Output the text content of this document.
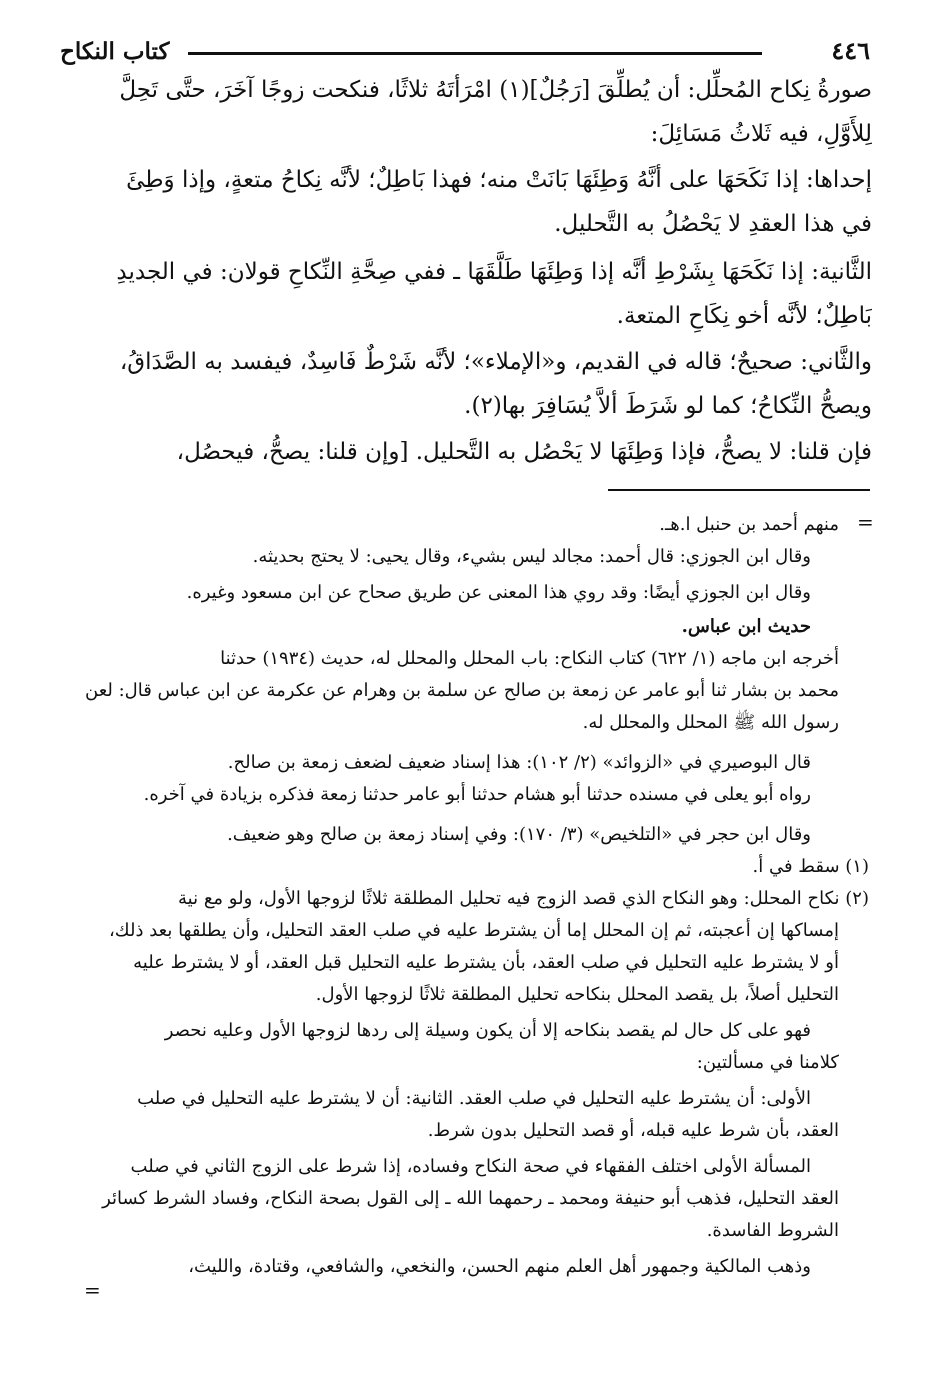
كتاب النكاح	٤٤٦
صورةُ نِكاح المُحلِّل: أن يُطلِّقَ [رَجُلٌ](١) امْرَأتَهُ ثلاثًا، فنكحت زوجًا آخَرَ، حتَّى تَحِلَّ
لِلأَوَّلِ، فيه ثَلاثُ مَسَائِلَ:
إحداها: إذا نَكَحَهَا على أنَّهُ وَطِئَهَا بَانَتْ منه؛ فهذا بَاطِلٌ؛ لأنَّه نِكاحُ متعةٍ، وإذا وَطِئَ
في هذا العقدِ لا يَحْصُلُ به التَّحليل.
الثَّانية: إذا نَكَحَهَا بِشَرْطِ أنَّه إذا وَطِئَهَا طَلَّقَهَا ـ ففي صِحَّةِ النِّكاحِ قولان: في الجديدِ
بَاطِلٌ؛ لأنَّه أخو نِكَاحِ المتعة.
والثَّاني: صحيحٌ؛ قاله في القديم، و«الإملاء»؛ لأنَّه شَرْطٌ فَاسِدٌ، فيفسد به الصَّدَاقُ،
ويصحُّ النِّكاحُ؛ كما لو شَرَطَ ألاَّ يُسَافِرَ بها(٢).
فإن قلنا: لا يصحُّ، فإذا وَطِئَهَا لا يَحْصُل به التَّحليل. [وإن قلنا: يصحُّ، فيحصُل،
=
منهم أحمد بن حنبل ا.هـ.
وقال ابن الجوزي: قال أحمد: مجالد ليس بشيء، وقال يحيى: لا يحتج بحديثه.
وقال ابن الجوزي أيضًا: وقد روي هذا المعنى عن طريق صحاح عن ابن مسعود وغيره.
حديث ابن عباس.
أخرجه ابن ماجه (١/ ٦٢٢) كتاب النكاح: باب المحلل والمحلل له، حديث (١٩٣٤) حدثنا
محمد بن بشار ثنا أبو عامر عن زمعة بن صالح عن سلمة بن وهرام عن عكرمة عن ابن عباس قال: لعن
رسول الله ﷺ المحلل والمحلل له.
قال البوصيري في «الزوائد» (٢/ ١٠٢): هذا إسناد ضعيف لضعف زمعة بن صالح.
رواه أبو يعلى في مسنده حدثنا أبو هشام حدثنا أبو عامر حدثنا زمعة فذكره بزيادة في آخره.
وقال ابن حجر في «التلخيص» (٣/ ١٧٠): وفي إسناد زمعة بن صالح وهو ضعيف.
(١) سقط في أ.
(٢) نكاح المحلل: وهو النكاح الذي قصد الزوج فيه تحليل المطلقة ثلاثًا لزوجها الأول، ولو مع نية
إمساكها إن أعجبته، ثم إن المحلل إما أن يشترط عليه في صلب العقد التحليل، وأن يطلقها بعد ذلك،
أو لا يشترط عليه التحليل في صلب العقد، بأن يشترط عليه التحليل قبل العقد، أو لا يشترط عليه
التحليل أصلاً، بل يقصد المحلل بنكاحه تحليل المطلقة ثلاثًا لزوجها الأول.
فهو على كل حال لم يقصد بنكاحه إلا أن يكون وسيلة إلى ردها لزوجها الأول وعليه نحصر
كلامنا في مسألتين:
الأولى: أن يشترط عليه التحليل في صلب العقد. الثانية: أن لا يشترط عليه التحليل في صلب
العقد، بأن شرط عليه قبله، أو قصد التحليل بدون شرط.
المسألة الأولى اختلف الفقهاء في صحة النكاح وفساده، إذا شرط على الزوج الثاني في صلب
العقد التحليل، فذهب أبو حنيفة ومحمد ـ رحمهما الله ـ إلى القول بصحة النكاح، وفساد الشرط كسائر
الشروط الفاسدة.
وذهب المالكية وجمهور أهل العلم منهم الحسن، والنخعي، والشافعي، وقتادة، والليث،
=
